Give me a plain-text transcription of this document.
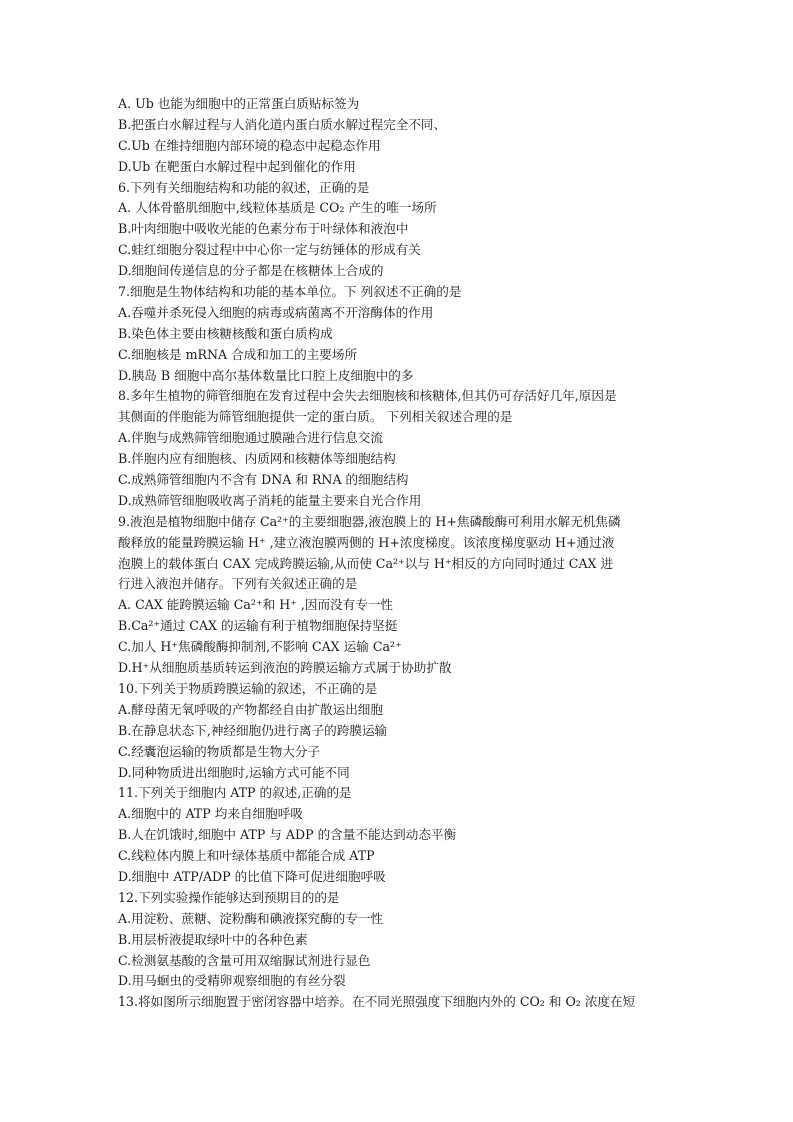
A. Ub 也能为细胞中的正常蛋白质贴标签为
B.把蛋白水解过程与人消化道内蛋白质水解过程完全不同、
C.Ub 在维持细胞内部环境的稳态中起稳态作用
D.Ub 在靶蛋白水解过程中起到催化的作用
6.下列有关细胞结构和功能的叙述，正确的是
A. 人体骨骼肌细胞中,线粒体基质是 CO₂ 产生的唯一场所
B.叶肉细胞中吸收光能的色素分布于叶绿体和液泡中
C.蛙红细胞分裂过程中中心你一定与纺锤体的形成有关
D.细胞间传递信息的分子都是在核糖体上合成的
7.细胞是生物体结构和功能的基本单位。下 列叙述不正确的是
A.吞噬并杀死侵入细胞的病毒或病菌离不开溶酶体的作用
B.染色体主要由核糖核酸和蛋白质构成
C.细胞核是 mRNA 合成和加工的主要场所
D.胰岛 B 细胞中高尔基体数量比口腔上皮细胞中的多
8.多年生植物的筛管细胞在发育过程中会失去细胞核和核糖体,但其仍可存活好几年,原因是
其侧面的伴胞能为筛管细胞提供一定的蛋白质。 下列相关叙述合理的是
A.伴胞与成熟筛管细胞通过膜融合进行信息交流
B.伴胞内应有细胞核、内质网和核糖体等细胞结构
C.成熟筛管细胞内不含有 DNA 和 RNA 的细胞结构
D.成熟筛管细胞吸收离子消耗的能量主要来自光合作用
9.液泡是植物细胞中储存 Ca²⁺的主要细胞器,液泡膜上的 H+焦磷酸酶可利用水解无机焦磷
酸释放的能量跨膜运输 H⁺ ,建立液泡膜两侧的 H+浓度梯度。该浓度梯度驱动 H+通过液
泡膜上的载体蛋白 CAX 完成跨膜运输,从而使 Ca²⁺以与 H⁺相反的方向同时通过 CAX 进
行进入液泡并储存。下列有关叙述正确的是
A. CAX 能跨膜运输 Ca²⁺和 H⁺ ,因而没有专一性
B.Ca²⁺通过 CAX 的运输有利于植物细胞保持坚挺
C.加人 H⁺焦磷酸酶抑制剂,不影响 CAX 运输 Ca²⁺
D.H⁺从细胞质基质转运到液泡的跨膜运输方式属于协助扩散
10.下列关于物质跨膜运输的叙述，不正确的是
A.酵母菌无氧呼吸的产物都经自由扩散运出细胞
B.在静息状态下,神经细胞仍进行离子的跨膜运输
C.经囊泡运输的物质都是生物大分子
D.同种物质进出细胞时,运输方式可能不同
11.下列关于细胞内 ATP 的叙述,正确的是
A.细胞中的 ATP 均来自细胞呼吸
B.人在饥饿时,细胞中 ATP 与 ADP 的含量不能达到动态平衡
C.线粒体内膜上和叶绿体基质中都能合成 ATP
D.细胞中 ATP/ADP 的比值下降可促进细胞呼吸
12.下列实验操作能够达到预期目的的是
A.用淀粉、蔗糖、淀粉酶和碘液探究酶的专一性
B.用层析液提取绿叶中的各种色素
C.检测氨基酸的含量可用双缩脲试剂进行显色
D.用马蛔虫的受精卵观察细胞的有丝分裂
13.将如图所示细胞置于密闭容器中培养。在不同光照强度下细胞内外的 CO₂ 和 O₂ 浓度在短
